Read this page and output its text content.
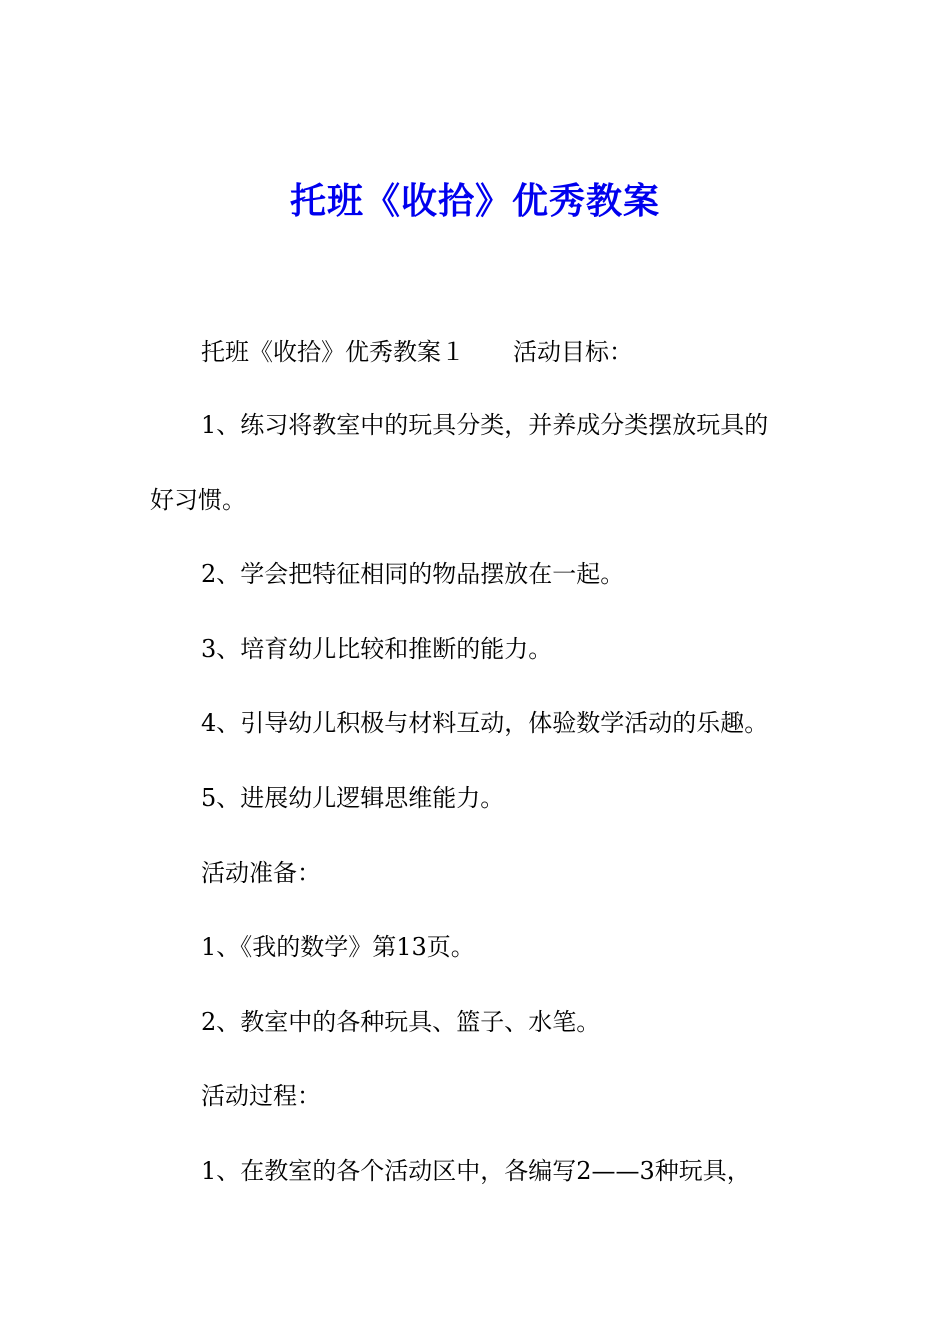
托班《收拾》优秀教案
托班《收拾》优秀教案１　　活动目标：
1、练习将教室中的玩具分类，并养成分类摆放玩具的
好习惯。
2、学会把特征相同的物品摆放在一起。
3、培育幼儿比较和推断的能力。
4、引导幼儿积极与材料互动，体验数学活动的乐趣。
5、进展幼儿逻辑思维能力。
活动准备：
1、《我的数学》第13页。
2、教室中的各种玩具、篮子、水笔。
活动过程：
1、在教室的各个活动区中，各编写2——3种玩具，
